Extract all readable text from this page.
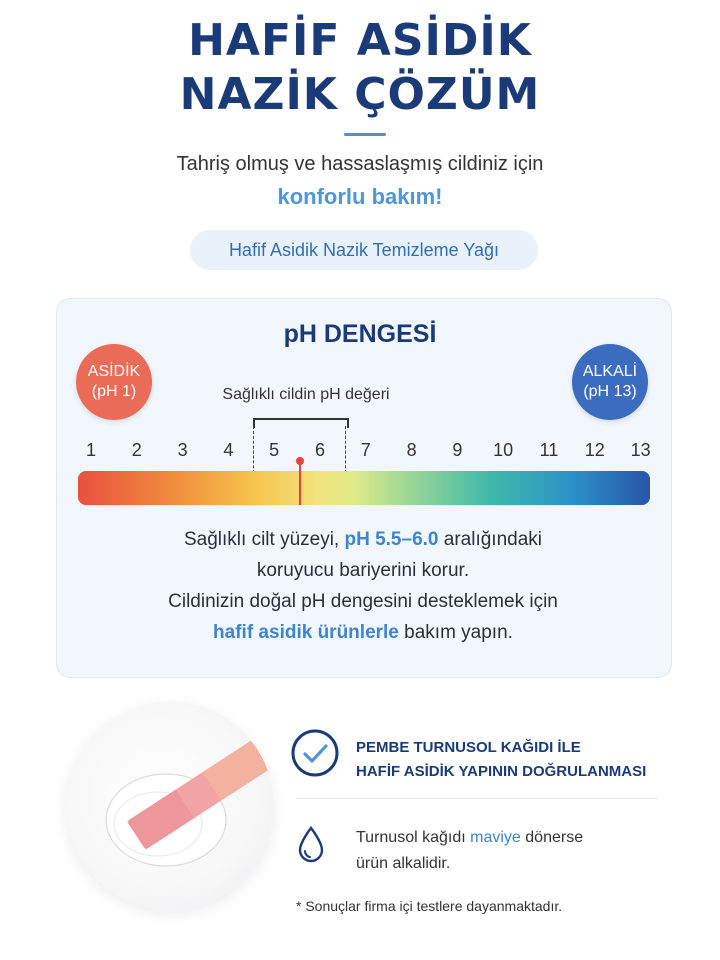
HAFİF ASİDİK
NAZİK ÇÖZÜM
Tahriş olmuş ve hassaslaşmış cildiniz için
konforlu bakım!
Hafif Asidik Nazik Temizleme Yağı
pH DENGESİ
ASİDİK
(pH 1)
ALKALİ
(pH 13)
Sağlıklı cildin pH değeri
1	2	3	4	5	6	7	8	9	10	11	12	13
Sağlıklı cilt yüzeyi, pH 5.5–6.0 aralığındaki
koruyucu bariyerini korur.
Cildinizin doğal pH dengesini desteklemek için
hafif asidik ürünlerle bakım yapın.
PEMBE TURNUSOL KAĞIDI İLE
HAFİF ASİDİK YAPININ DOĞRULANMASI
Turnusol kağıdı maviye dönerse
ürün alkalidir.
* Sonuçlar firma içi testlere dayanmaktadır.
